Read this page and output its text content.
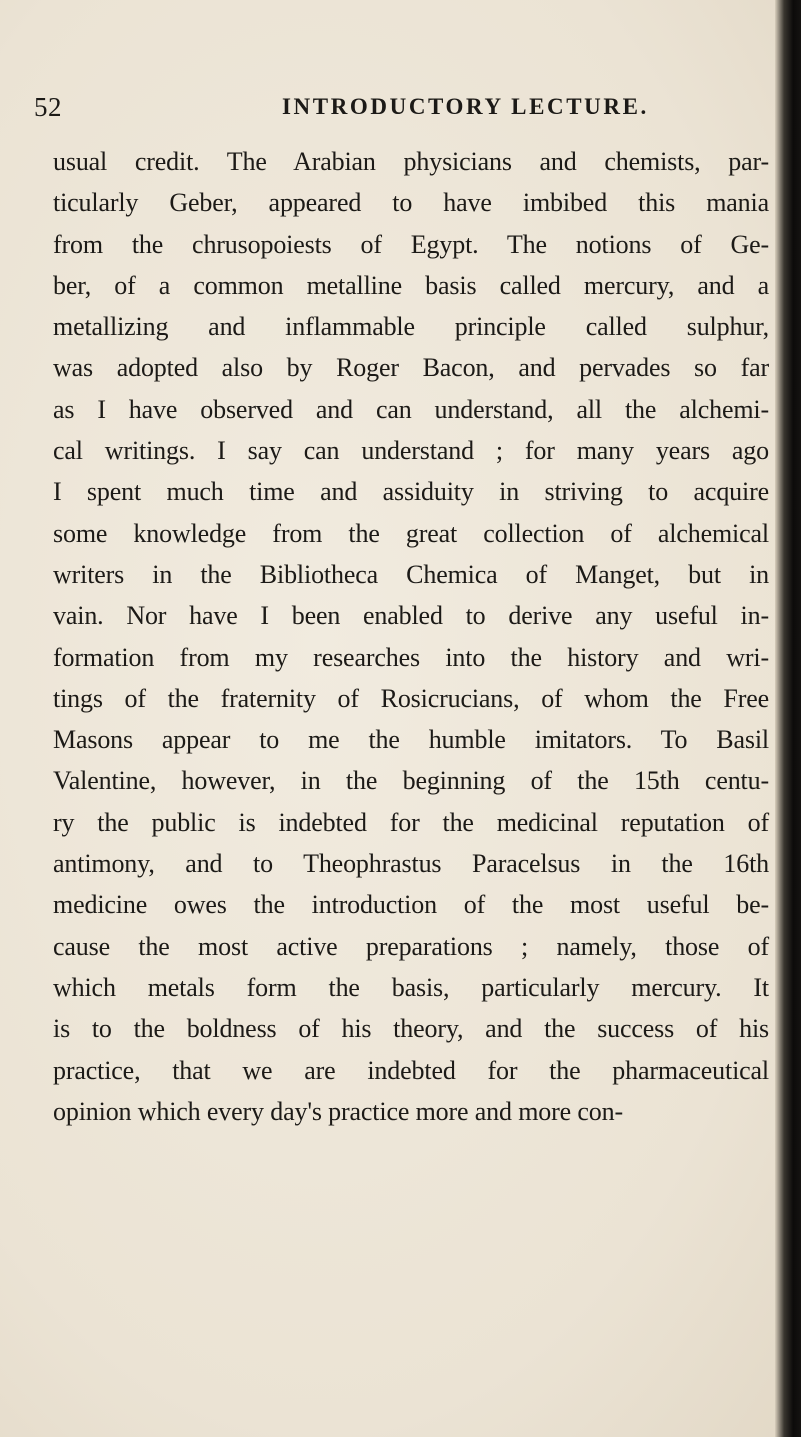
52	INTRODUCTORY LECTURE.
usual credit. The Arabian physicians and chemists, par-
ticularly Geber, appeared to have imbibed this mania
from the chrusopoiests of Egypt. The notions of Ge-
ber, of a common metalline basis called mercury, and a
metallizing and inflammable principle called sulphur,
was adopted also by Roger Bacon, and pervades so far
as I have observed and can understand, all the alchemi-
cal writings. I say can understand ; for many years ago
I spent much time and assiduity in striving to acquire
some knowledge from the great collection of alchemical
writers in the Bibliotheca Chemica of Manget, but in
vain. Nor have I been enabled to derive any useful in-
formation from my researches into the history and wri-
tings of the fraternity of Rosicrucians, of whom the Free
Masons appear to me the humble imitators. To Basil
Valentine, however, in the beginning of the 15th centu-
ry the public is indebted for the medicinal reputation of
antimony, and to Theophrastus Paracelsus in the 16th
medicine owes the introduction of the most useful be-
cause the most active preparations ; namely, those of
which metals form the basis, particularly mercury. It
is to the boldness of his theory, and the success of his
practice, that we are indebted for the pharmaceutical
opinion which every day's practice more and more con-
